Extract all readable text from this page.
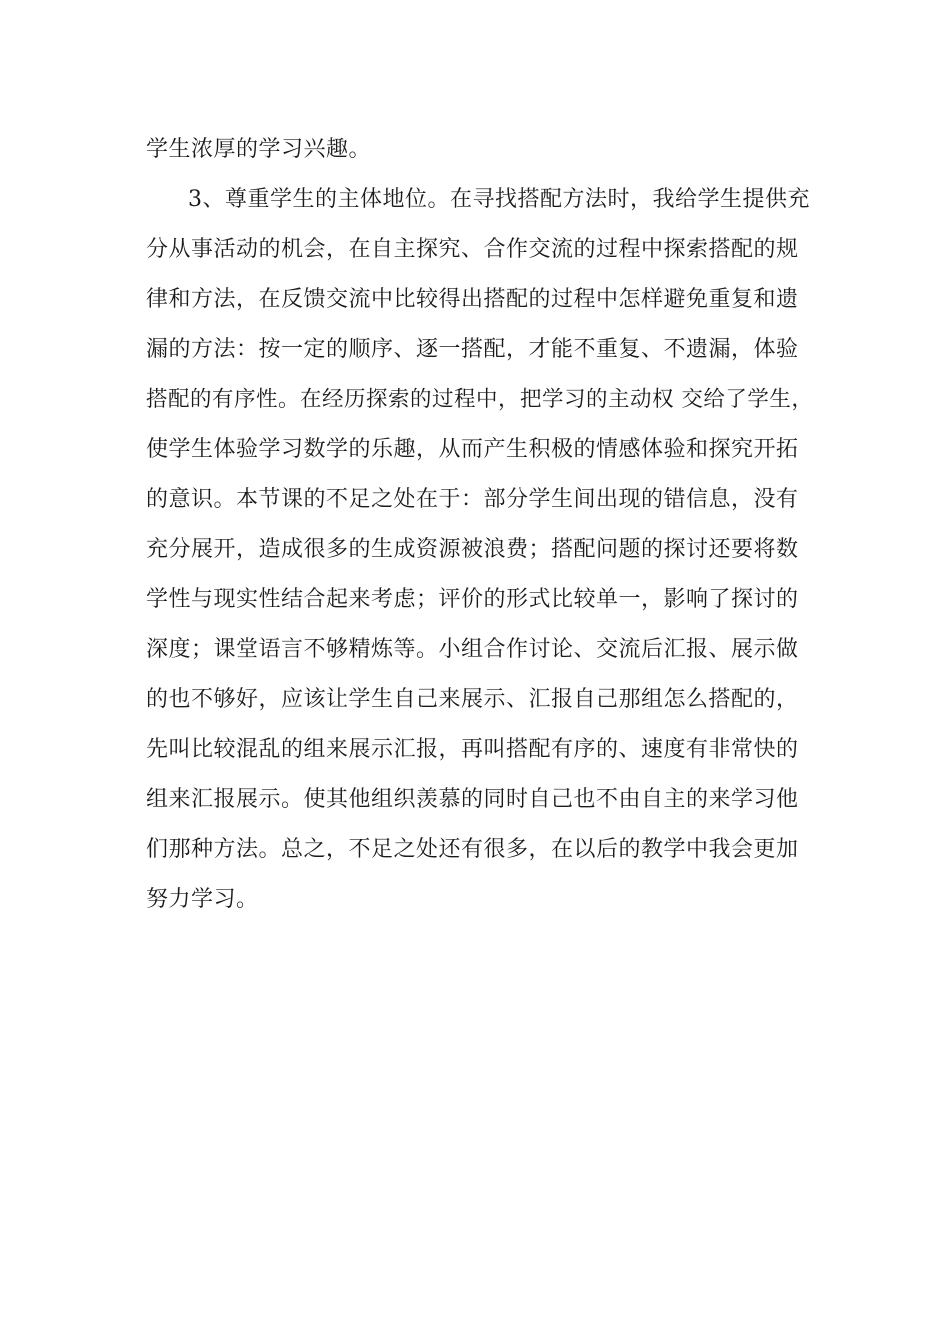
学生浓厚的学习兴趣。
3、尊重学生的主体地位。在寻找搭配方法时，我给学生提供充
分从事活动的机会，在自主探究、合作交流的过程中探索搭配的规
律和方法，在反馈交流中比较得出搭配的过程中怎样避免重复和遗
漏的方法：按一定的顺序、逐一搭配，才能不重复、不遗漏，体验
搭配的有序性。在经历探索的过程中，把学习的主动权 交给了学生，
使学生体验学习数学的乐趣，从而产生积极的情感体验和探究开拓
的意识。本节课的不足之处在于：部分学生间出现的错信息，没有
充分展开，造成很多的生成资源被浪费；搭配问题的探讨还要将数
学性与现实性结合起来考虑；评价的形式比较单一，影响了探讨的
深度；课堂语言不够精炼等。小组合作讨论、交流后汇报、展示做
的也不够好，应该让学生自己来展示、汇报自己那组怎么搭配的，
先叫比较混乱的组来展示汇报，再叫搭配有序的、速度有非常快的
组来汇报展示。使其他组织羡慕的同时自己也不由自主的来学习他
们那种方法。总之，不足之处还有很多，在以后的教学中我会更加
努力学习。
